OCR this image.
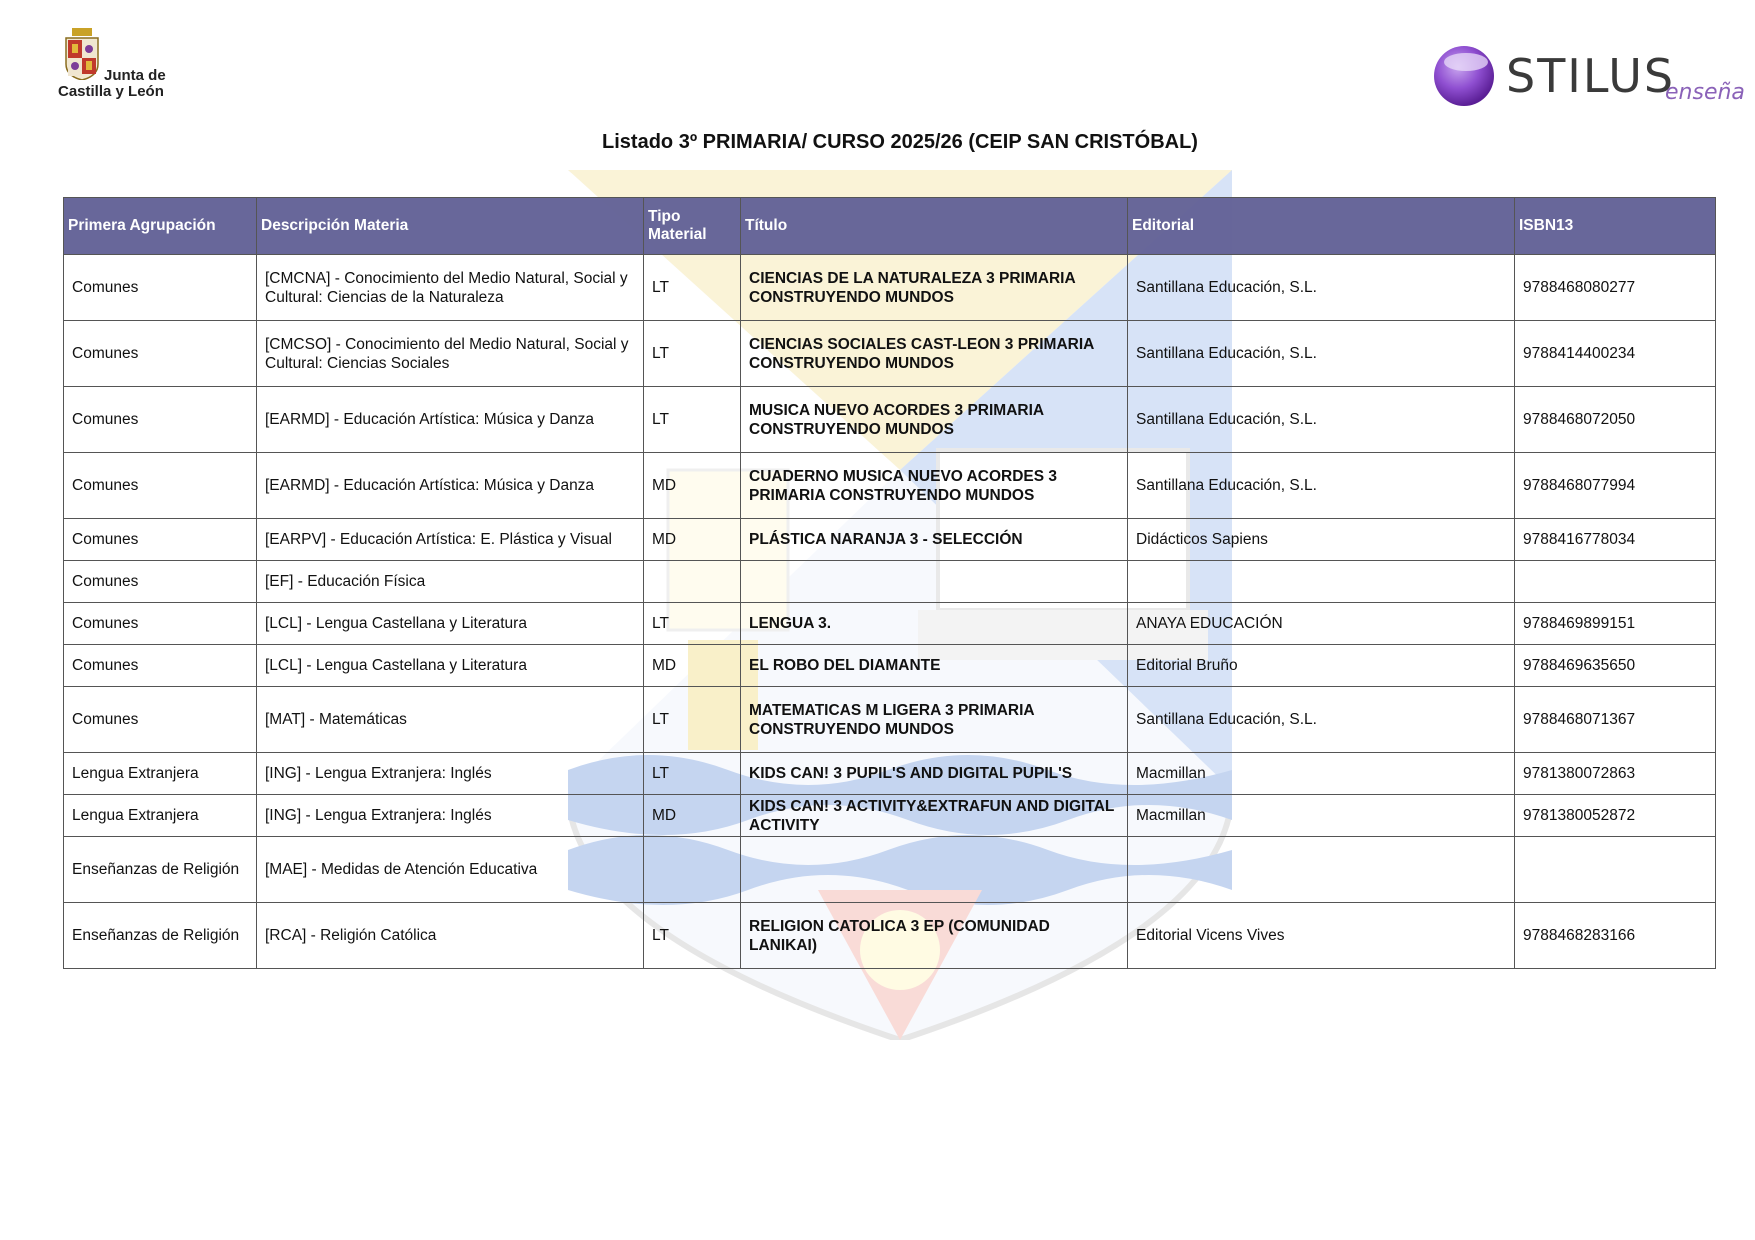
Junta de
Castilla y León	STILUS
enseña
Listado 3º PRIMARIA/ CURSO 2025/26 (CEIP SAN CRISTÓBAL)
Primera Agrupación	Descripción Materia	Tipo Material	Título	Editorial	ISBN13
Comunes	[CMCNA] - Conocimiento del Medio Natural, Social y Cultural: Ciencias de la Naturaleza	LT	CIENCIAS DE LA NATURALEZA 3 PRIMARIA CONSTRUYENDO MUNDOS	Santillana Educación, S.L.	9788468080277
Comunes	[CMCSO] - Conocimiento del Medio Natural, Social y Cultural: Ciencias Sociales	LT	CIENCIAS SOCIALES CAST-LEON 3 PRIMARIA CONSTRUYENDO MUNDOS	Santillana Educación, S.L.	9788414400234
Comunes	[EARMD] - Educación Artística: Música y Danza	LT	MUSICA NUEVO ACORDES 3 PRIMARIA CONSTRUYENDO MUNDOS	Santillana Educación, S.L.	9788468072050
Comunes	[EARMD] - Educación Artística: Música y Danza	MD	CUADERNO MUSICA NUEVO ACORDES 3 PRIMARIA CONSTRUYENDO MUNDOS	Santillana Educación, S.L.	9788468077994
Comunes	[EARPV] - Educación Artística: E. Plástica y Visual	MD	PLÁSTICA NARANJA 3 - SELECCIÓN	Didácticos Sapiens	9788416778034
Comunes	[EF] - Educación Física				
Comunes	[LCL] - Lengua Castellana y Literatura	LT	LENGUA 3.	ANAYA EDUCACIÓN	9788469899151
Comunes	[LCL] - Lengua Castellana y Literatura	MD	EL ROBO DEL DIAMANTE	Editorial Bruño	9788469635650
Comunes	[MAT] - Matemáticas	LT	MATEMATICAS M LIGERA 3 PRIMARIA CONSTRUYENDO MUNDOS	Santillana Educación, S.L.	9788468071367
Lengua Extranjera	[ING] - Lengua Extranjera: Inglés	LT	KIDS CAN! 3 PUPIL'S AND DIGITAL PUPIL'S	Macmillan	9781380072863
Lengua Extranjera	[ING] - Lengua Extranjera: Inglés	MD	KIDS CAN! 3 ACTIVITY&EXTRAFUN AND DIGITAL ACTIVITY	Macmillan	9781380052872
Enseñanzas de Religión	[MAE] - Medidas de Atención Educativa				
Enseñanzas de Religión	[RCA] - Religión Católica	LT	RELIGION CATOLICA 3 EP (COMUNIDAD LANIKAI)	Editorial Vicens Vives	9788468283166
